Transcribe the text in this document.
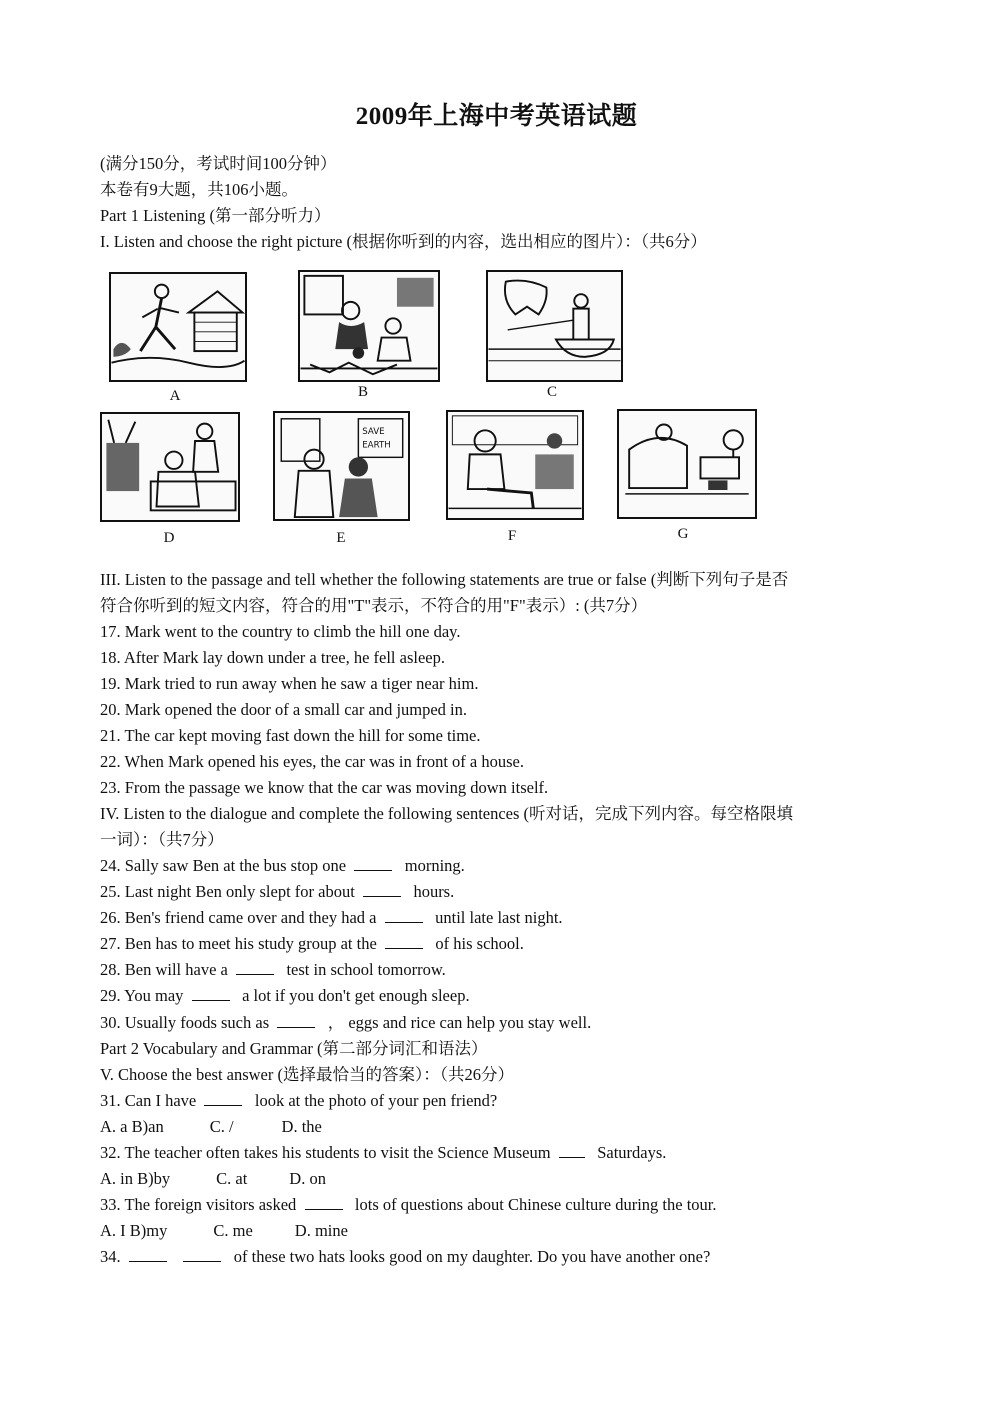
2009年上海中考英语试题
(满分150分，考试时间100分钟）
本卷有9大题，共106小题。
Part 1 Listening (第一部分听力）
I. Listen and choose the right picture (根据你听到的内容，选出相应的图片）：（共6分）
A	B	C
D
SAVE
EARTH
E	F	G
III. Listen to the passage and tell whether the following statements are true or false (判断下列句子是否
符合你听到的短文内容，符合的用"T"表示，不符合的用"F"表示）: (共7分）
17. Mark went to the country to climb the hill one day.
18. After Mark lay down under a tree, he fell asleep.
19. Mark tried to run away when he saw a tiger near him.
20. Mark opened the door of a small car and jumped in.
21. The car kept moving fast down the hill for some time.
22. When Mark opened his eyes, the car was in front of a house.
23. From the passage we know that the car was moving down itself.
IV. Listen to the dialogue and complete the following sentences (听对话，完成下列内容。每空格限填
一词）：（共7分）
24. Sally saw Ben at the bus stop one	morning.
25. Last night Ben only slept for about	hours.
26. Ben's friend came over and they had a	until late last night.
27. Ben has to meet his study group at the	of his school.
28. Ben will have a	test in school tomorrow.
29. You may	a lot if you don't get enough sleep.
30. Usually foods such as	， eggs and rice can help you stay well.
Part 2 Vocabulary and Grammar (第二部分词汇和语法）
V. Choose the best answer (选择最恰当的答案）：（共26分）
31. Can I have	look at the photo of your pen friend?
A. a B)an	C. /	D. the
32. The teacher often takes his students to visit the Science Museum	Saturdays.
A. in B)by	C. at	D. on
33. The foreign visitors asked	lots of questions about Chinese culture during the tour.
A. I B)my	C. me	D. mine
34.	of these two hats looks good on my daughter. Do you have another one?
